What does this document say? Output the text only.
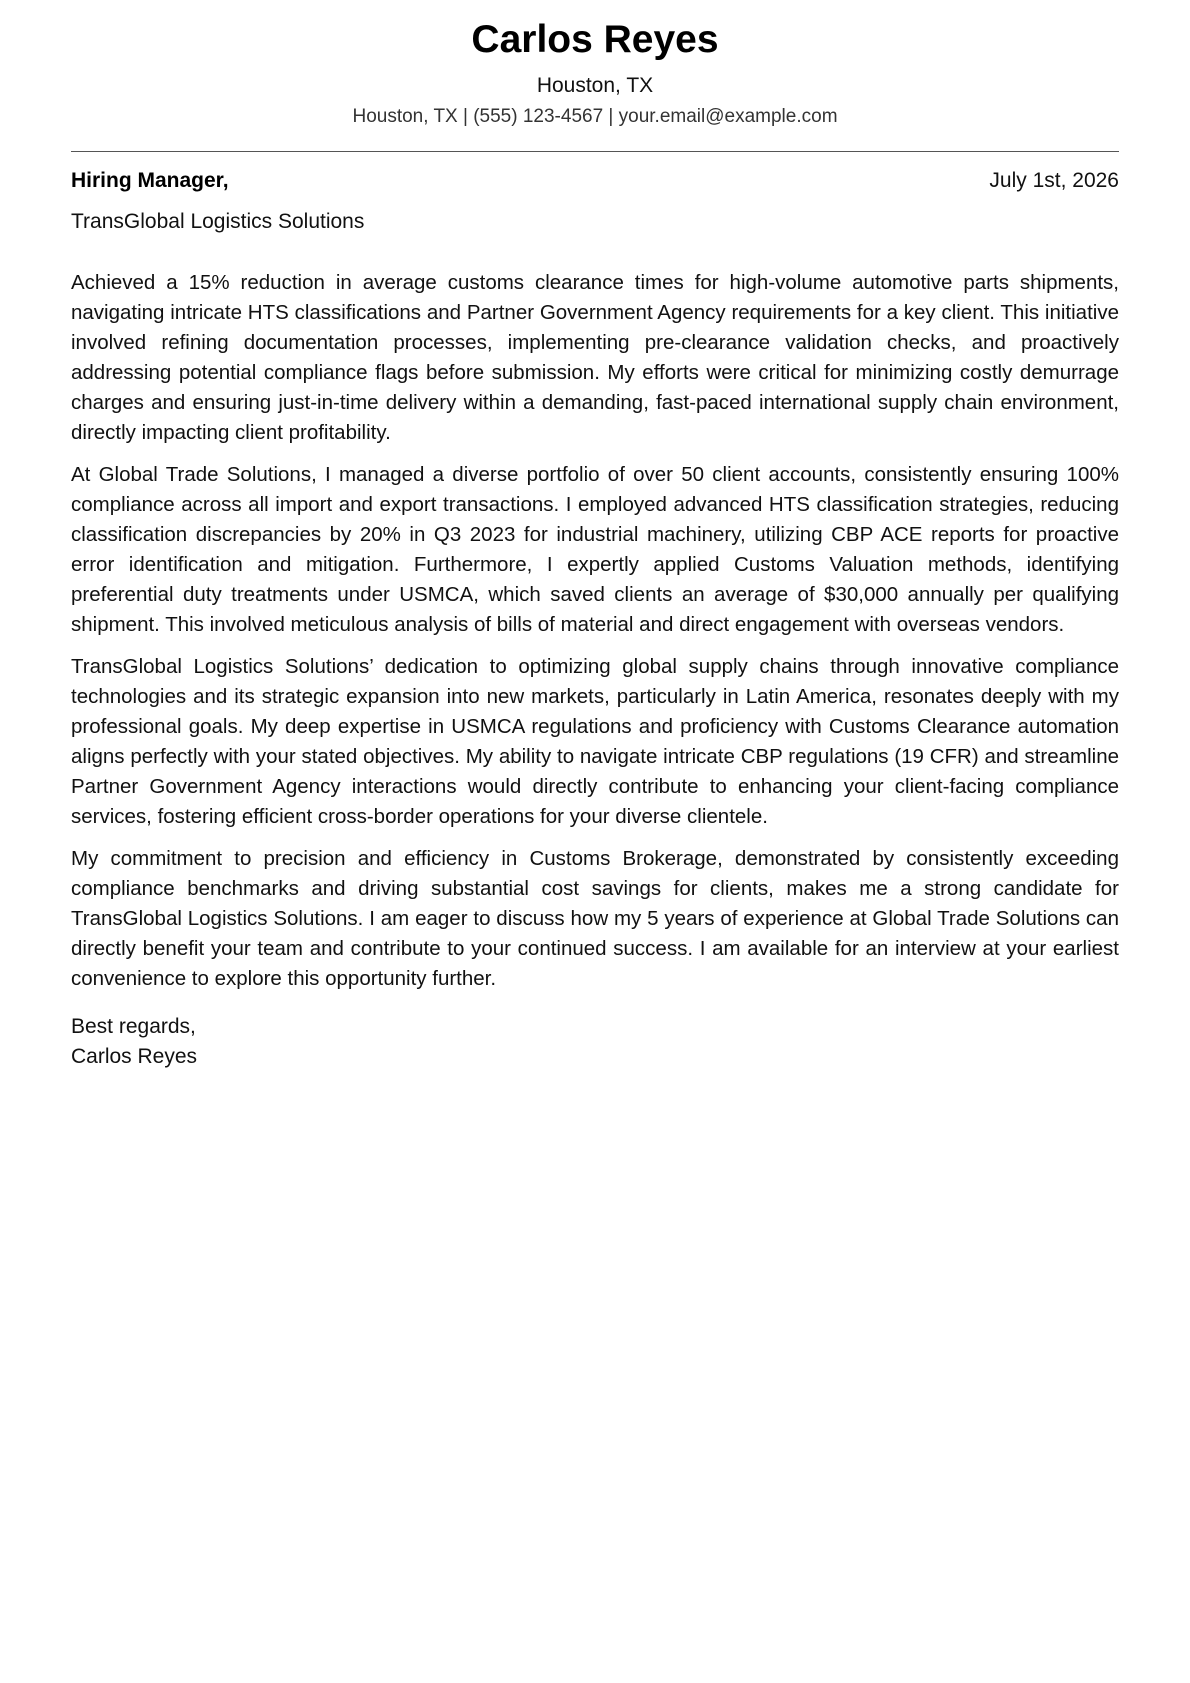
Carlos Reyes
Houston, TX
Houston, TX | (555) 123-4567 | your.email@example.com
Hiring Manager,	July 1st, 2026
TransGlobal Logistics Solutions

Achieved a 15% reduction in average customs clearance times for high-volume automotive parts shipments, navigating intricate HTS classifications and Partner Government Agency requirements for a key client. This initiative involved refining documentation processes, implementing pre-clearance validation checks, and proactively addressing potential compliance flags before submission. My efforts were critical for minimizing costly demurrage charges and ensuring just-in-time delivery within a demanding, fast-paced international supply chain environment, directly impacting client profitability.

At Global Trade Solutions, I managed a diverse portfolio of over 50 client accounts, consistently ensuring 100% compliance across all import and export transactions. I employed advanced HTS classification strategies, reducing classification discrepancies by 20% in Q3 2023 for industrial machinery, utilizing CBP ACE reports for proactive error identification and mitigation. Furthermore, I expertly applied Customs Valuation methods, identifying preferential duty treatments under USMCA, which saved clients an average of $30,000 annually per qualifying shipment. This involved meticulous analysis of bills of material and direct engagement with overseas vendors.

TransGlobal Logistics Solutions’ dedication to optimizing global supply chains through innovative compliance technologies and its strategic expansion into new markets, particularly in Latin America, resonates deeply with my professional goals. My deep expertise in USMCA regulations and proficiency with Customs Clearance automation aligns perfectly with your stated objectives. My ability to navigate intricate CBP regulations (19 CFR) and streamline Partner Government Agency interactions would directly contribute to enhancing your client-facing compliance services, fostering efficient cross-border operations for your diverse clientele.

My commitment to precision and efficiency in Customs Brokerage, demonstrated by consistently exceeding compliance benchmarks and driving substantial cost savings for clients, makes me a strong candidate for TransGlobal Logistics Solutions. I am eager to discuss how my 5 years of experience at Global Trade Solutions can directly benefit your team and contribute to your continued success. I am available for an interview at your earliest convenience to explore this opportunity further.

Best regards,
Carlos Reyes
